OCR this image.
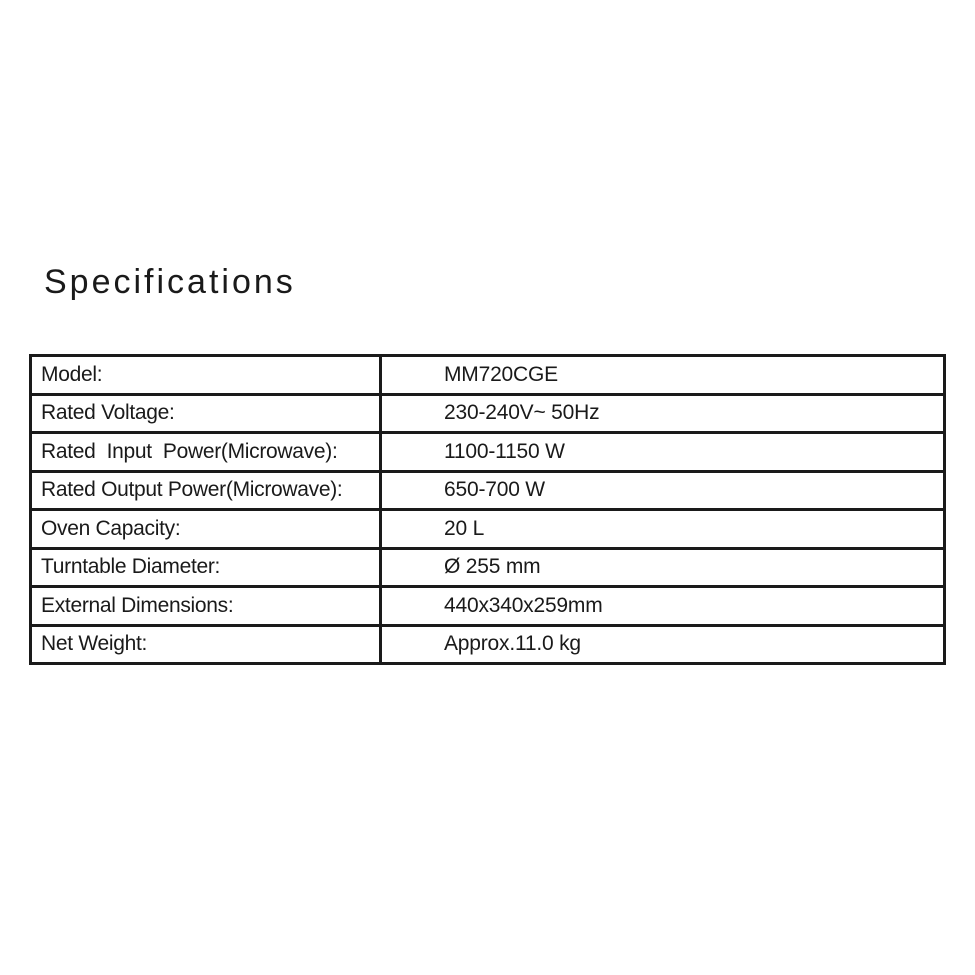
Specifications
Model:	MM720CGE
Rated Voltage:	230-240V~ 50Hz
Rated  Input  Power(Microwave):	1100-1150 W
Rated Output Power(Microwave):	650-700 W
Oven Capacity:	20 L
Turntable Diameter:	Ø 255 mm
External Dimensions:	440x340x259mm
Net Weight:	Approx.11.0 kg
